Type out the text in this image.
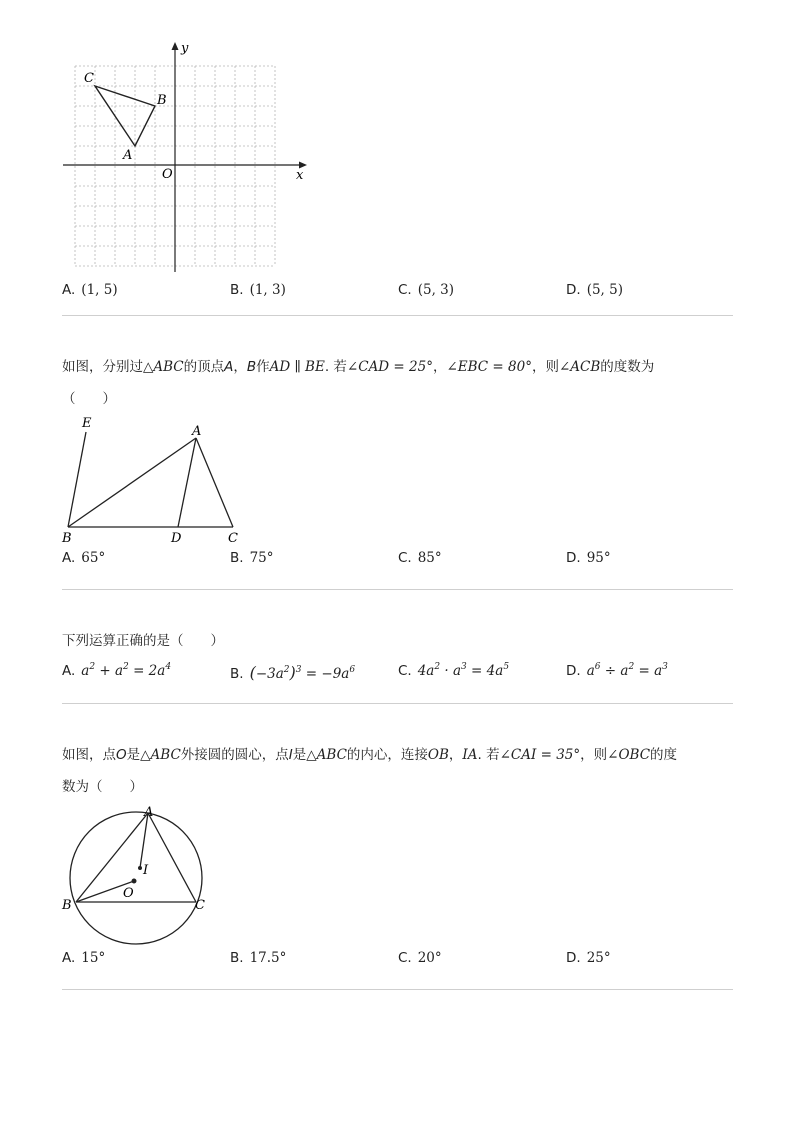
C
B
A
O	x
y
A. (1, 5)	B. (1, 3)	C. (5, 3)	D. (5, 5)
如图，分别过△ABC的顶点A，B作AD ∥ BE. 若∠CAD = 25°，∠EBC = 80°，则∠ACB的度数为
（　　）
E
A
B	D	C
A. 65°	B. 75°	C. 85°	D. 95°
下列运算正确的是（　　）
A. $a^2 + a^2 = 2a^4$	B. $(-3a^2)^3 = -9a^6$	C. $4a^2 \cdot a^3 = 4a^5$	D. $a^6 \div a^2 = a^3$
如图，点O是△ABC外接圆的圆心，点I是△ABC的内心，连接OB，IA. 若∠CAI = 35°，则∠OBC的度
数为（　　）
A
I
O
B	C
A. 15°	B. 17.5°	C. 20°	D. 25°
